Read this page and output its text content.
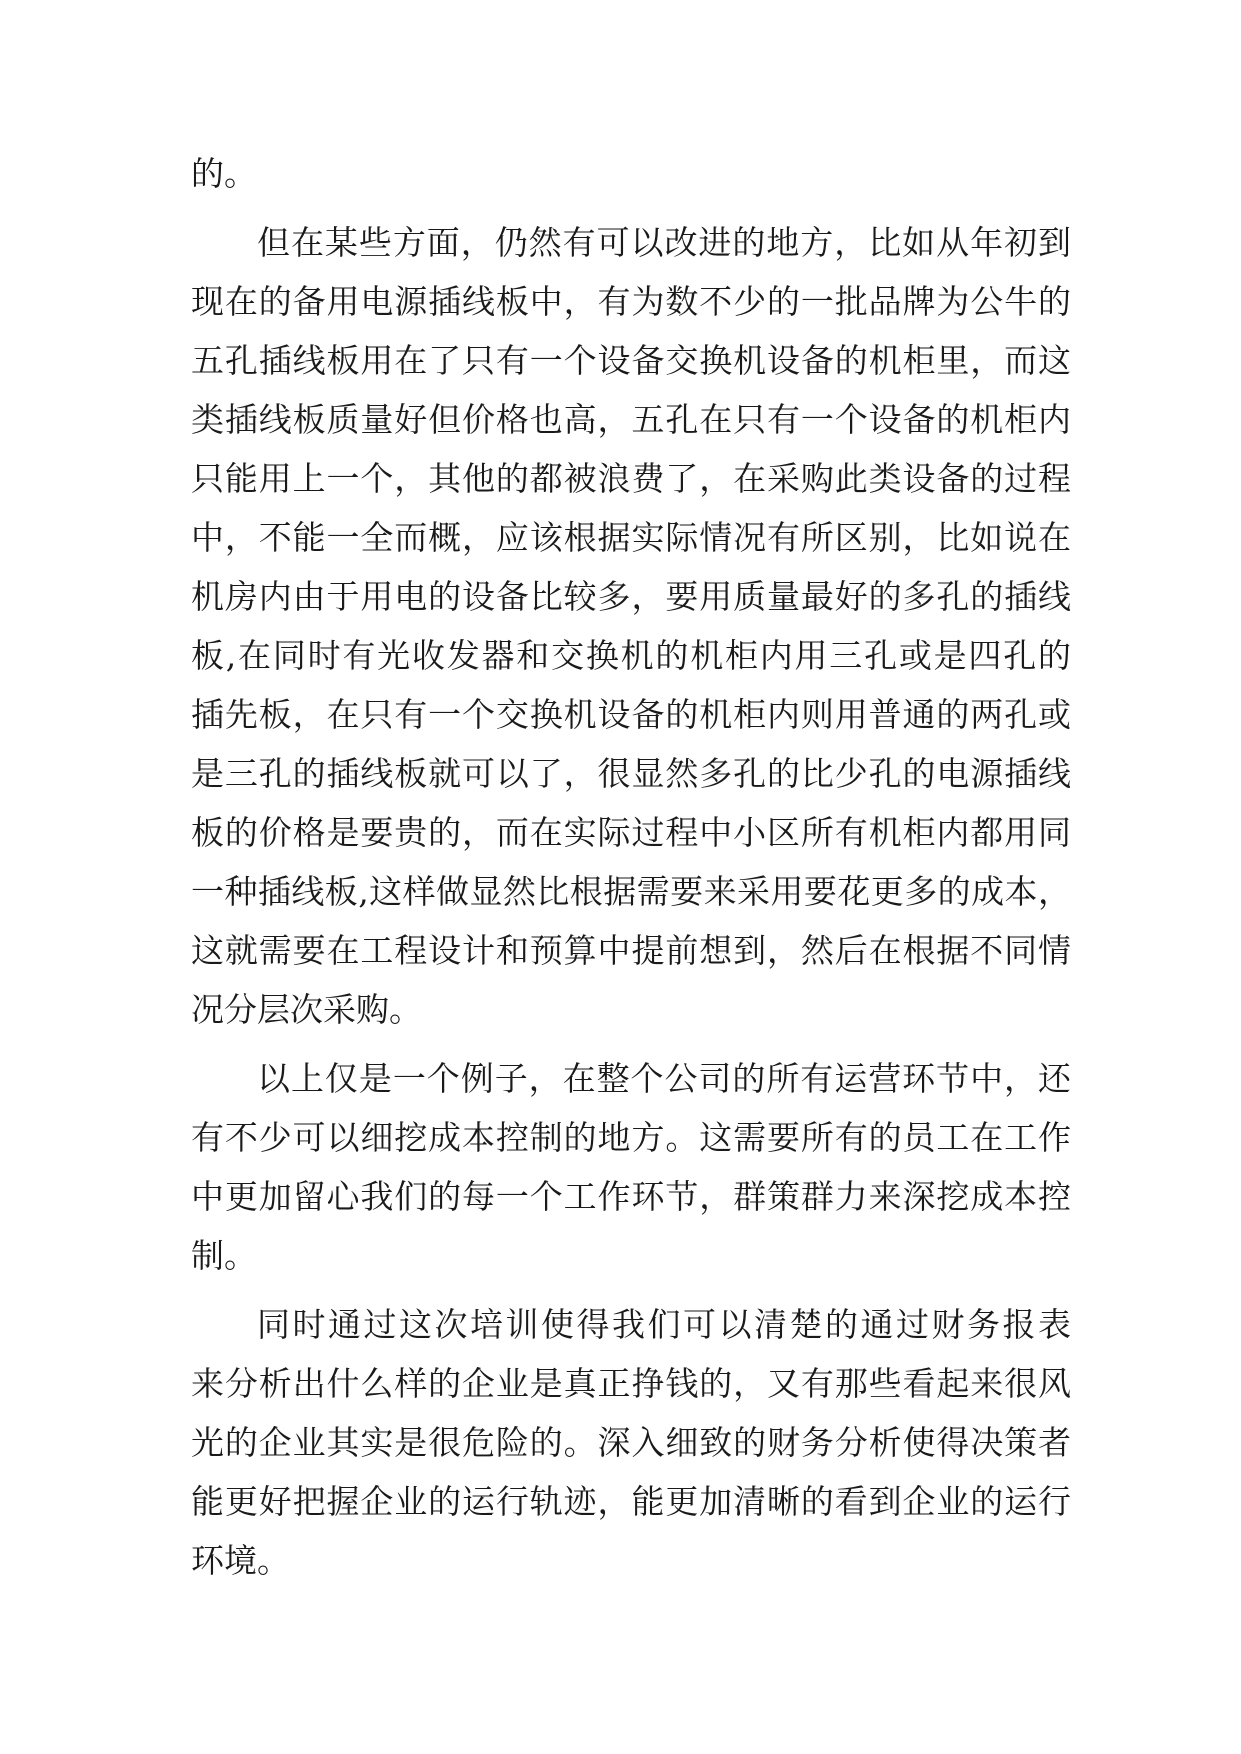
的。
但在某些方面，仍然有可以改进的地方，比如从年初到
现在的备用电源插线板中，有为数不少的一批品牌为公牛的
五孔插线板用在了只有一个设备交换机设备的机柜里，而这
类插线板质量好但价格也高，五孔在只有一个设备的机柜内
只能用上一个，其他的都被浪费了，在采购此类设备的过程
中，不能一全而概，应该根据实际情况有所区别，比如说在
机房内由于用电的设备比较多，要用质量最好的多孔的插线
板,在同时有光收发器和交换机的机柜内用三孔或是四孔的
插先板，在只有一个交换机设备的机柜内则用普通的两孔或
是三孔的插线板就可以了，很显然多孔的比少孔的电源插线
板的价格是要贵的，而在实际过程中小区所有机柜内都用同
一种插线板,这样做显然比根据需要来采用要花更多的成本，
这就需要在工程设计和预算中提前想到，然后在根据不同情
况分层次采购。
以上仅是一个例子，在整个公司的所有运营环节中，还
有不少可以细挖成本控制的地方。这需要所有的员工在工作
中更加留心我们的每一个工作环节，群策群力来深挖成本控
制。
同时通过这次培训使得我们可以清楚的通过财务报表
来分析出什么样的企业是真正挣钱的，又有那些看起来很风
光的企业其实是很危险的。深入细致的财务分析使得决策者
能更好把握企业的运行轨迹，能更加清晰的看到企业的运行
环境。
